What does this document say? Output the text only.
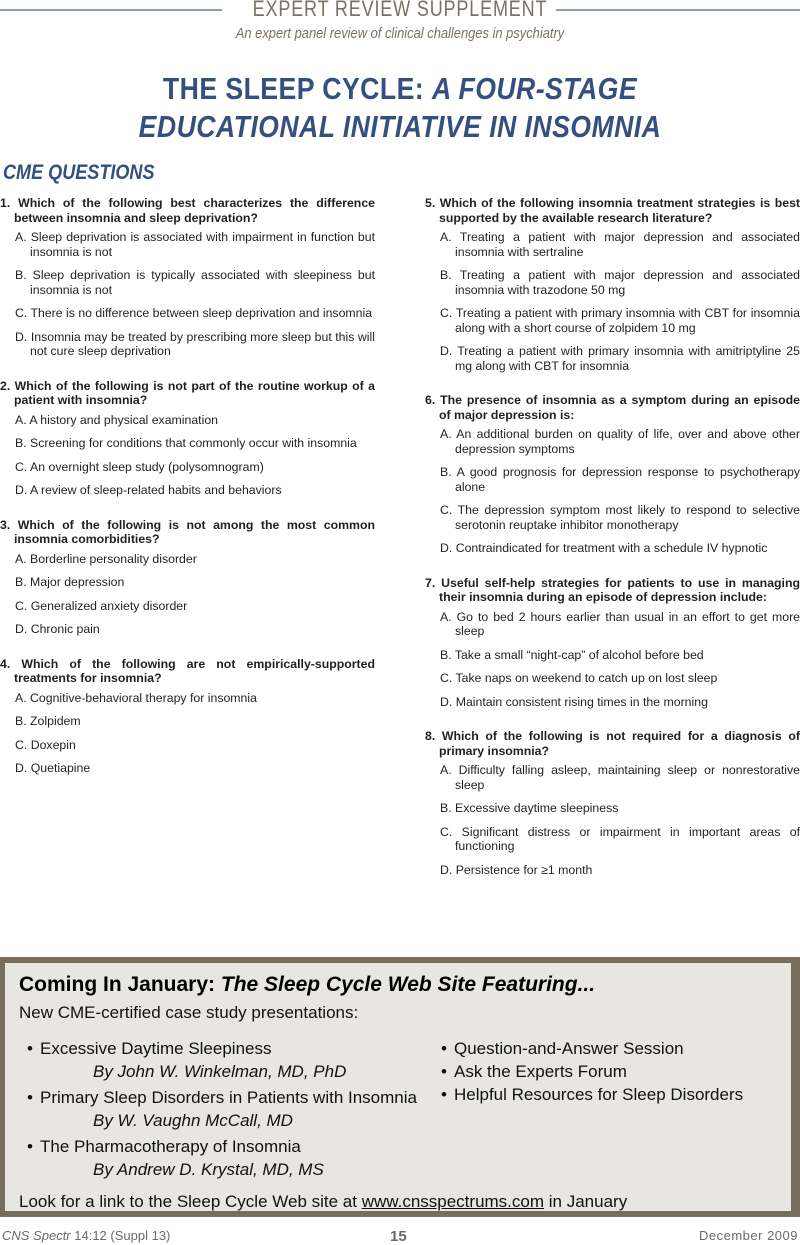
EXPERT REVIEW SUPPLEMENT
An expert panel review of clinical challenges in psychiatry
THE SLEEP CYCLE: A FOUR-STAGE
EDUCATIONAL INITIATIVE IN INSOMNIA
CME QUESTIONS
1. Which of the following best characterizes the difference between insomnia and sleep deprivation?
A. Sleep deprivation is associated with impairment in function but insomnia is not
B. Sleep deprivation is typically associated with sleepiness but insomnia is not
C. There is no difference between sleep deprivation and insomnia
D. Insomnia may be treated by prescribing more sleep but this will not cure sleep deprivation
2. Which of the following is not part of the routine workup of a patient with insomnia?
A. A history and physical examination
B. Screening for conditions that commonly occur with insomnia
C. An overnight sleep study (polysomnogram)
D. A review of sleep-related habits and behaviors
3. Which of the following is not among the most common insomnia comorbidities?
A. Borderline personality disorder
B. Major depression
C. Generalized anxiety disorder
D. Chronic pain
4. Which of the following are not empirically-supported treatments for insomnia?
A. Cognitive-behavioral therapy for insomnia
B. Zolpidem
C. Doxepin
D. Quetiapine
5. Which of the following insomnia treatment strategies is best supported by the available research literature?
A. Treating a patient with major depression and associated insomnia with sertraline
B. Treating a patient with major depression and associated insomnia with trazodone 50 mg
C. Treating a patient with primary insomnia with CBT for insomnia along with a short course of zolpidem 10 mg
D. Treating a patient with primary insomnia with amitriptyline 25 mg along with CBT for insomnia
6. The presence of insomnia as a symptom during an episode of major depression is:
A. An additional burden on quality of life, over and above other depression symptoms
B. A good prognosis for depression response to psychotherapy alone
C. The depression symptom most likely to respond to selective serotonin reuptake inhibitor monotherapy
D. Contraindicated for treatment with a schedule IV hypnotic
7. Useful self-help strategies for patients to use in managing their insomnia during an episode of depression include:
A. Go to bed 2 hours earlier than usual in an effort to get more sleep
B. Take a small “night-cap” of alcohol before bed
C. Take naps on weekend to catch up on lost sleep
D. Maintain consistent rising times in the morning
8. Which of the following is not required for a diagnosis of primary insomnia?
A. Difficulty falling asleep, maintaining sleep or nonrestorative sleep
B. Excessive daytime sleepiness
C. Significant distress or impairment in important areas of functioning
D. Persistence for ≥1 month
Coming In January: The Sleep Cycle Web Site Featuring...
New CME-certified case study presentations:
• Excessive Daytime Sleepiness
By John W. Winkelman, MD, PhD
• Primary Sleep Disorders in Patients with Insomnia
By W. Vaughn McCall, MD
• The Pharmacotherapy of Insomnia
By Andrew D. Krystal, MD, MS
• Question-and-Answer Session
• Ask the Experts Forum
• Helpful Resources for Sleep Disorders
Look for a link to the Sleep Cycle Web site at www.cnsspectrums.com in January
CNS Spectr 14:12 (Suppl 13)	15	December 2009
